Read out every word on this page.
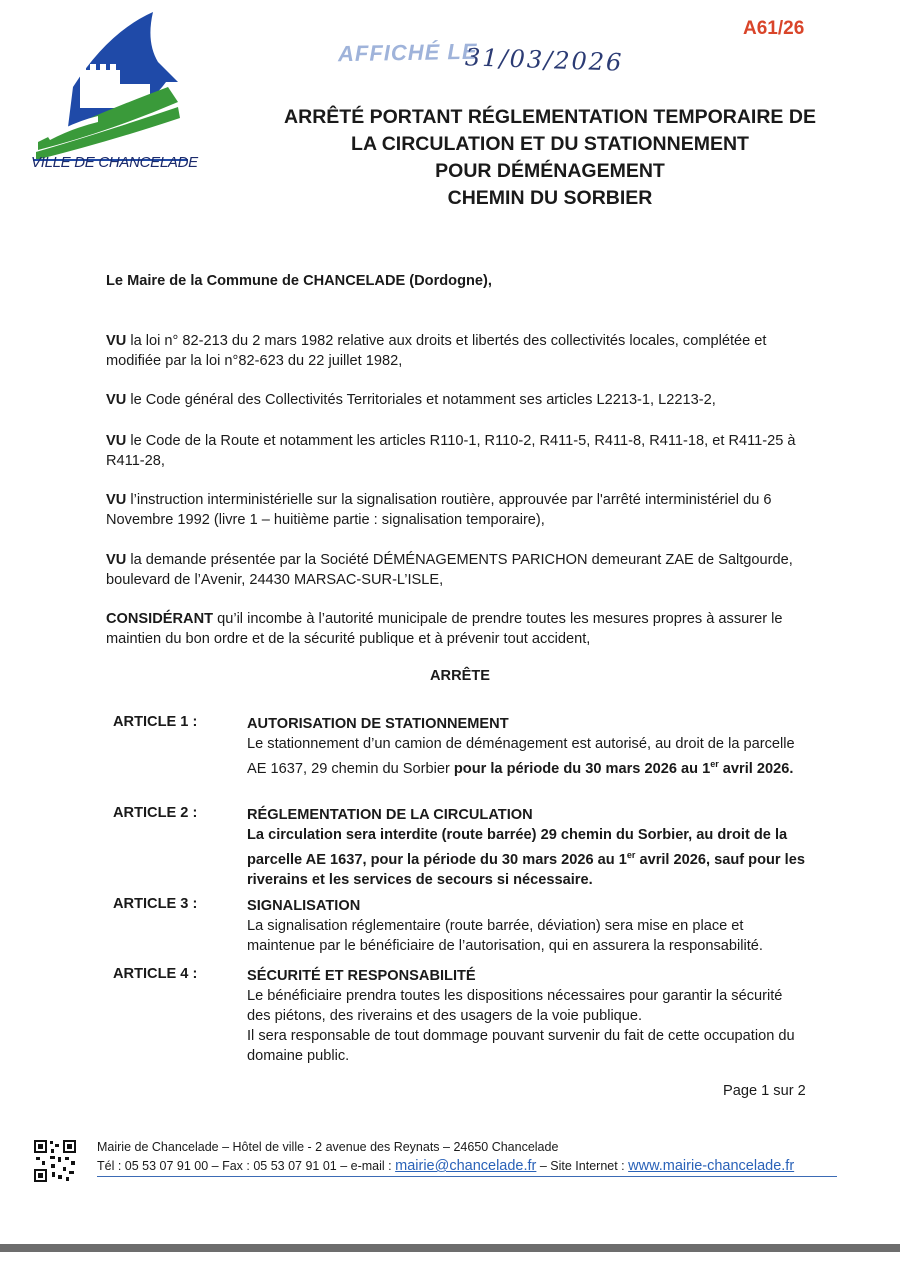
VILLE DE CHANCELADE
A61/26
AFFICHÉ LE
31/03/2026
ARRÊTÉ PORTANT RÉGLEMENTATION TEMPORAIRE DE
LA CIRCULATION ET DU STATIONNEMENT
POUR DÉMÉNAGEMENT
CHEMIN DU SORBIER
Le Maire de la Commune de CHANCELADE (Dordogne),
VU la loi n° 82-213 du 2 mars 1982 relative aux droits et libertés des collectivités locales, complétée et modifiée par la loi n°82-623 du 22 juillet 1982,
VU le Code général des Collectivités Territoriales et notamment ses articles L2213-1, L2213-2,
VU le Code de la Route et notamment les articles R110-1, R110-2, R411-5, R411-8, R411-18, et R411-25 à R411-28,
VU l’instruction interministérielle sur la signalisation routière, approuvée par l'arrêté interministériel du 6 Novembre 1992 (livre 1 – huitième partie : signalisation temporaire),
VU la demande présentée par la Société DÉMÉNAGEMENTS PARICHON demeurant ZAE de Saltgourde, boulevard de l’Avenir, 24430 MARSAC-SUR-L’ISLE,
CONSIDÉRANT qu’il incombe à l’autorité municipale de prendre toutes les mesures propres à assurer le maintien du bon ordre et de la sécurité publique et à prévenir tout accident,
ARRÊTE
ARTICLE 1 :	AUTORISATION DE STATIONNEMENT
Le stationnement d’un camion de déménagement est autorisé, au droit de la parcelle AE 1637, 29 chemin du Sorbier pour la période du 30 mars 2026 au 1er avril 2026.
ARTICLE 2 :	RÉGLEMENTATION DE LA CIRCULATION
La circulation sera interdite (route barrée) 29 chemin du Sorbier, au droit de la parcelle AE 1637, pour la période du 30 mars 2026 au 1er avril 2026, sauf pour les riverains et les services de secours si nécessaire.
ARTICLE 3 :	SIGNALISATION
La signalisation réglementaire (route barrée, déviation) sera mise en place et maintenue par le bénéficiaire de l’autorisation, qui en assurera la responsabilité.
ARTICLE 4 :	SÉCURITÉ ET RESPONSABILITÉ
Le bénéficiaire prendra toutes les dispositions nécessaires pour garantir la sécurité des piétons, des riverains et des usagers de la voie publique.
Il sera responsable de tout dommage pouvant survenir du fait de cette occupation du domaine public.
Page 1 sur 2
Mairie de Chancelade – Hôtel de ville - 2 avenue des Reynats – 24650 Chancelade
Tél : 05 53 07 91 00 – Fax : 05 53 07 91 01 – e-mail : mairie@chancelade.fr – Site Internet : www.mairie-chancelade.fr
